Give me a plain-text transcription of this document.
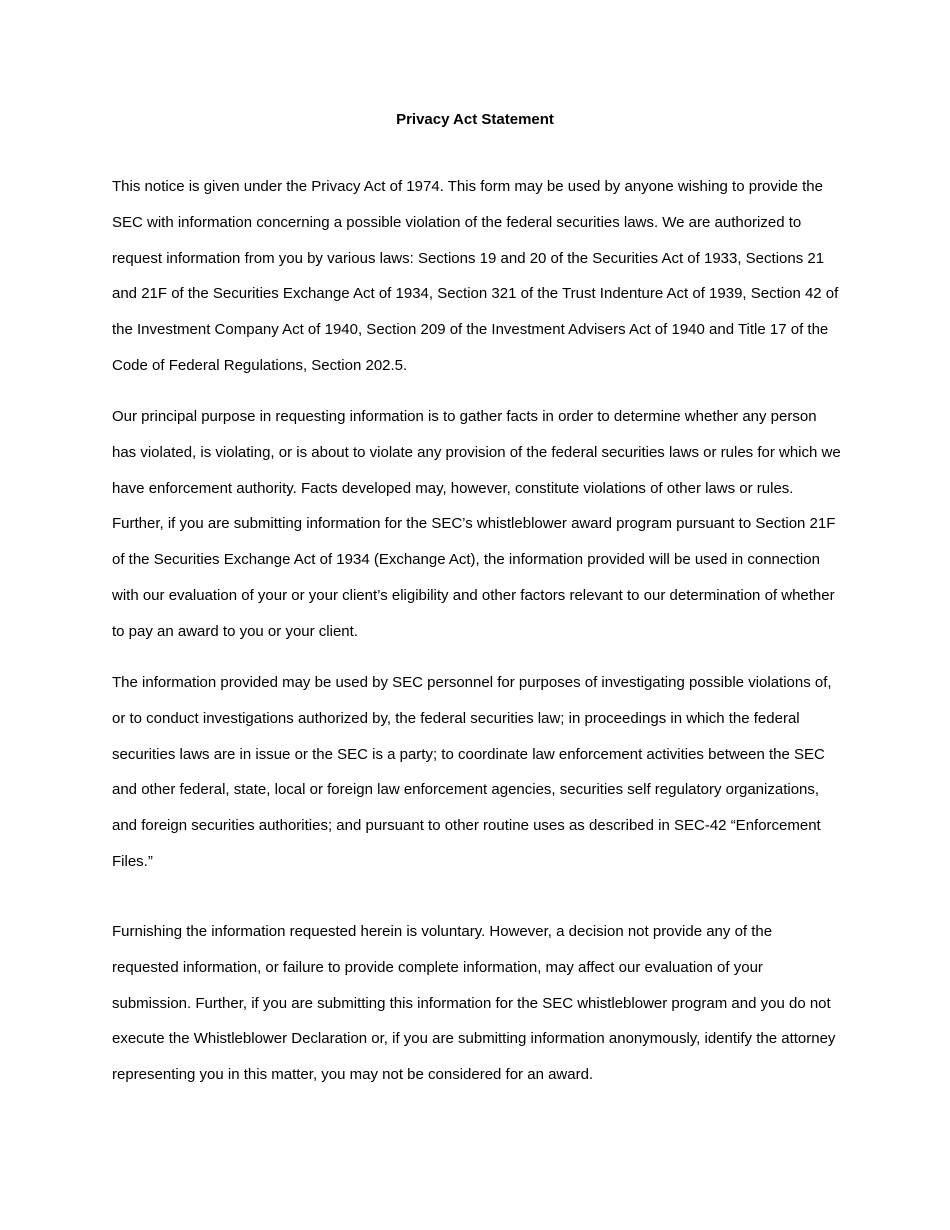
Privacy Act Statement

This notice is given under the Privacy Act of 1974. This form may be used by anyone wishing to provide the SEC with information concerning a possible violation of the federal securities laws. We are authorized to request information from you by various laws: Sections 19 and 20 of the Securities Act of 1933, Sections 21 and 21F of the Securities Exchange Act of 1934, Section 321 of the Trust Indenture Act of 1939, Section 42 of the Investment Company Act of 1940, Section 209 of the Investment Advisers Act of 1940 and Title 17 of the Code of Federal Regulations, Section 202.5.

Our principal purpose in requesting information is to gather facts in order to determine whether any person has violated, is violating, or is about to violate any provision of the federal securities laws or rules for which we have enforcement authority. Facts developed may, however, constitute violations of other laws or rules. Further, if you are submitting information for the SEC’s whistleblower award program pursuant to Section 21F of the Securities Exchange Act of 1934 (Exchange Act), the information provided will be used in connection with our evaluation of your or your client’s eligibility and other factors relevant to our determination of whether to pay an award to you or your client.

The information provided may be used by SEC personnel for purposes of investigating possible violations of, or to conduct investigations authorized by, the federal securities law; in proceedings in which the federal securities laws are in issue or the SEC is a party; to coordinate law enforcement activities between the SEC and other federal, state, local or foreign law enforcement agencies, securities self regulatory organizations, and foreign securities authorities; and pursuant to other routine uses as described in SEC-42 “Enforcement Files.”

Furnishing the information requested herein is voluntary. However, a decision not provide any of the requested information, or failure to provide complete information, may affect our evaluation of your submission. Further, if you are submitting this information for the SEC whistleblower program and you do not execute the Whistleblower Declaration or, if you are submitting information anonymously, identify the attorney representing you in this matter, you may not be considered for an award.
